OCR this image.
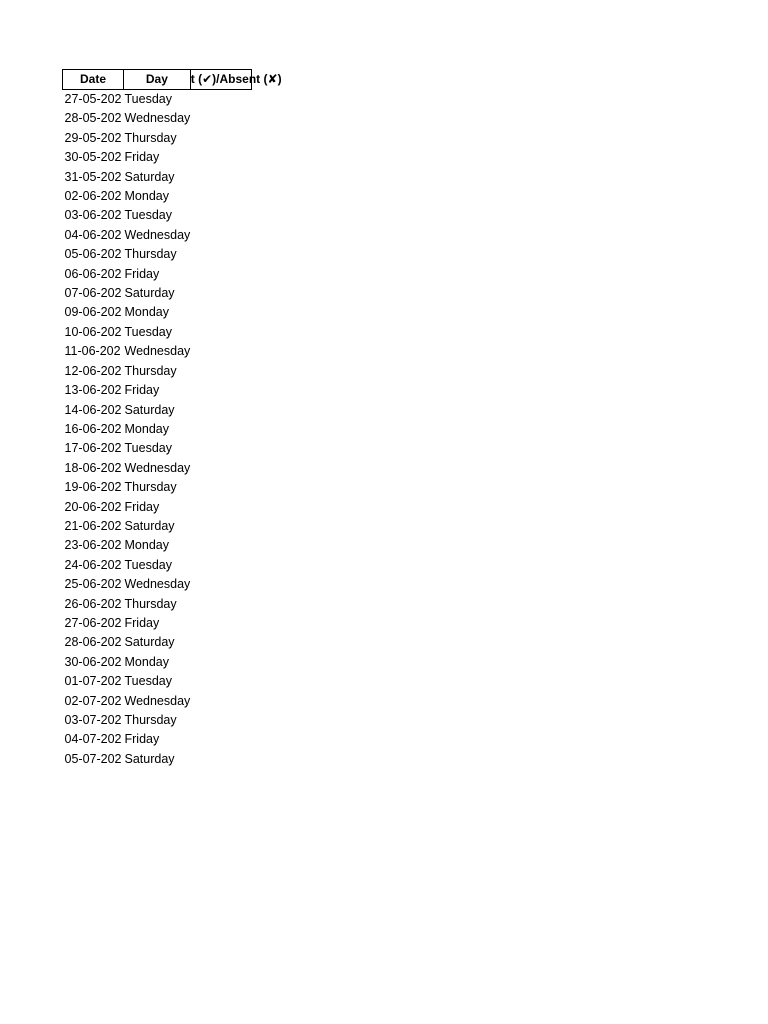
Date	Day	t (✔)/Absent (✘)

27-05-202	Tuesday	
28-05-202	Wednesday	
29-05-202	Thursday	
30-05-202	Friday	
31-05-202	Saturday	
02-06-202	Monday	
03-06-202	Tuesday	
04-06-202	Wednesday	
05-06-202	Thursday	
06-06-202	Friday	
07-06-202	Saturday	
09-06-202	Monday	
10-06-202	Tuesday	
11-06-202	Wednesday	
12-06-202	Thursday	
13-06-202	Friday	
14-06-202	Saturday	
16-06-202	Monday	
17-06-202	Tuesday	
18-06-202	Wednesday	
19-06-202	Thursday	
20-06-202	Friday	
21-06-202	Saturday	
23-06-202	Monday	
24-06-202	Tuesday	
25-06-202	Wednesday	
26-06-202	Thursday	
27-06-202	Friday	
28-06-202	Saturday	
30-06-202	Monday	
01-07-202	Tuesday	
02-07-202	Wednesday	
03-07-202	Thursday	
04-07-202	Friday	
05-07-202	Saturday	
